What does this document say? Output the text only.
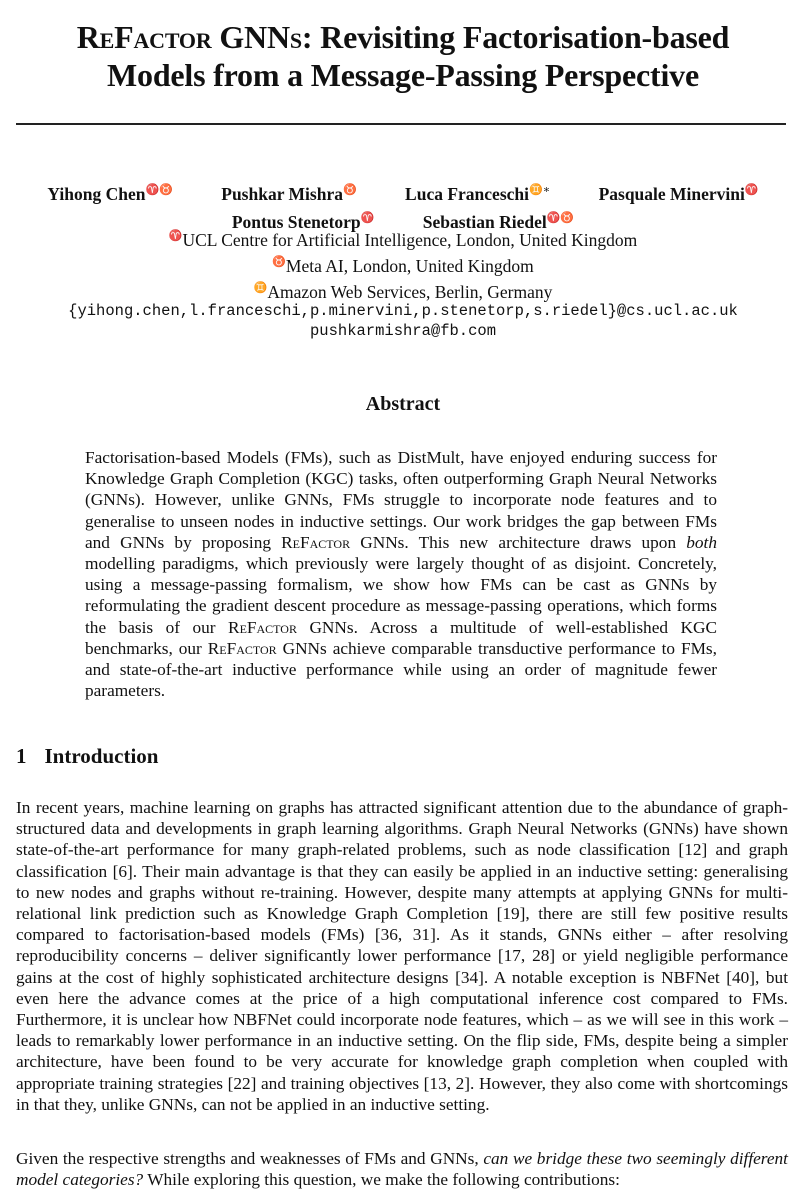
ReFactor GNNs: Revisiting Factorisation-based
Models from a Message-Passing Perspective
Yihong Chen♈♉	Pushkar Mishra♉	Luca Franceschi♊∗	Pasquale Minervini♈
Pontus Stenetorp♈	Sebastian Riedel♈♉
♈UCL Centre for Artificial Intelligence, London, United Kingdom
♉Meta AI, London, United Kingdom
♊Amazon Web Services, Berlin, Germany
{yihong.chen,l.franceschi,p.minervini,p.stenetorp,s.riedel}@cs.ucl.ac.uk
pushkarmishra@fb.com
Abstract

Factorisation-based Models (FMs), such as DistMult, have enjoyed enduring success for Knowledge Graph Completion (KGC) tasks, often outperforming Graph Neural Networks (GNNs). However, unlike GNNs, FMs struggle to incorporate node features and to generalise to unseen nodes in inductive settings. Our work bridges the gap between FMs and GNNs by proposing ReFactor GNNs. This new architecture draws upon both modelling paradigms, which previously were largely thought of as disjoint. Concretely, using a message-passing formalism, we show how FMs can be cast as GNNs by reformulating the gradient descent procedure as message-passing operations, which forms the basis of our ReFactor GNNs. Across a multitude of well-established KGC benchmarks, our ReFactor GNNs achieve comparable transductive performance to FMs, and state-of-the-art inductive performance while using an order of magnitude fewer parameters.

1 Introduction

In recent years, machine learning on graphs has attracted significant attention due to the abundance of graph-structured data and developments in graph learning algorithms. Graph Neural Networks (GNNs) have shown state-of-the-art performance for many graph-related problems, such as node classification [12] and graph classification [6]. Their main advantage is that they can easily be applied in an inductive setting: generalising to new nodes and graphs without re-training. However, despite many attempts at applying GNNs for multi-relational link prediction such as Knowledge Graph Completion [19], there are still few positive results compared to factorisation-based models (FMs) [36, 31]. As it stands, GNNs either – after resolving reproducibility concerns – deliver significantly lower performance [17, 28] or yield negligible performance gains at the cost of highly sophisticated architecture designs [34]. A notable exception is NBFNet [40], but even here the advance comes at the price of a high computational inference cost compared to FMs. Furthermore, it is unclear how NBFNet could incorporate node features, which – as we will see in this work – leads to remarkably lower performance in an inductive setting. On the flip side, FMs, despite being a simpler architecture, have been found to be very accurate for knowledge graph completion when coupled with appropriate training strategies [22] and training objectives [13, 2]. However, they also come with shortcomings in that they, unlike GNNs, can not be applied in an inductive setting.

Given the respective strengths and weaknesses of FMs and GNNs, can we bridge these two seemingly different model categories? While exploring this question, we make the following contributions:
